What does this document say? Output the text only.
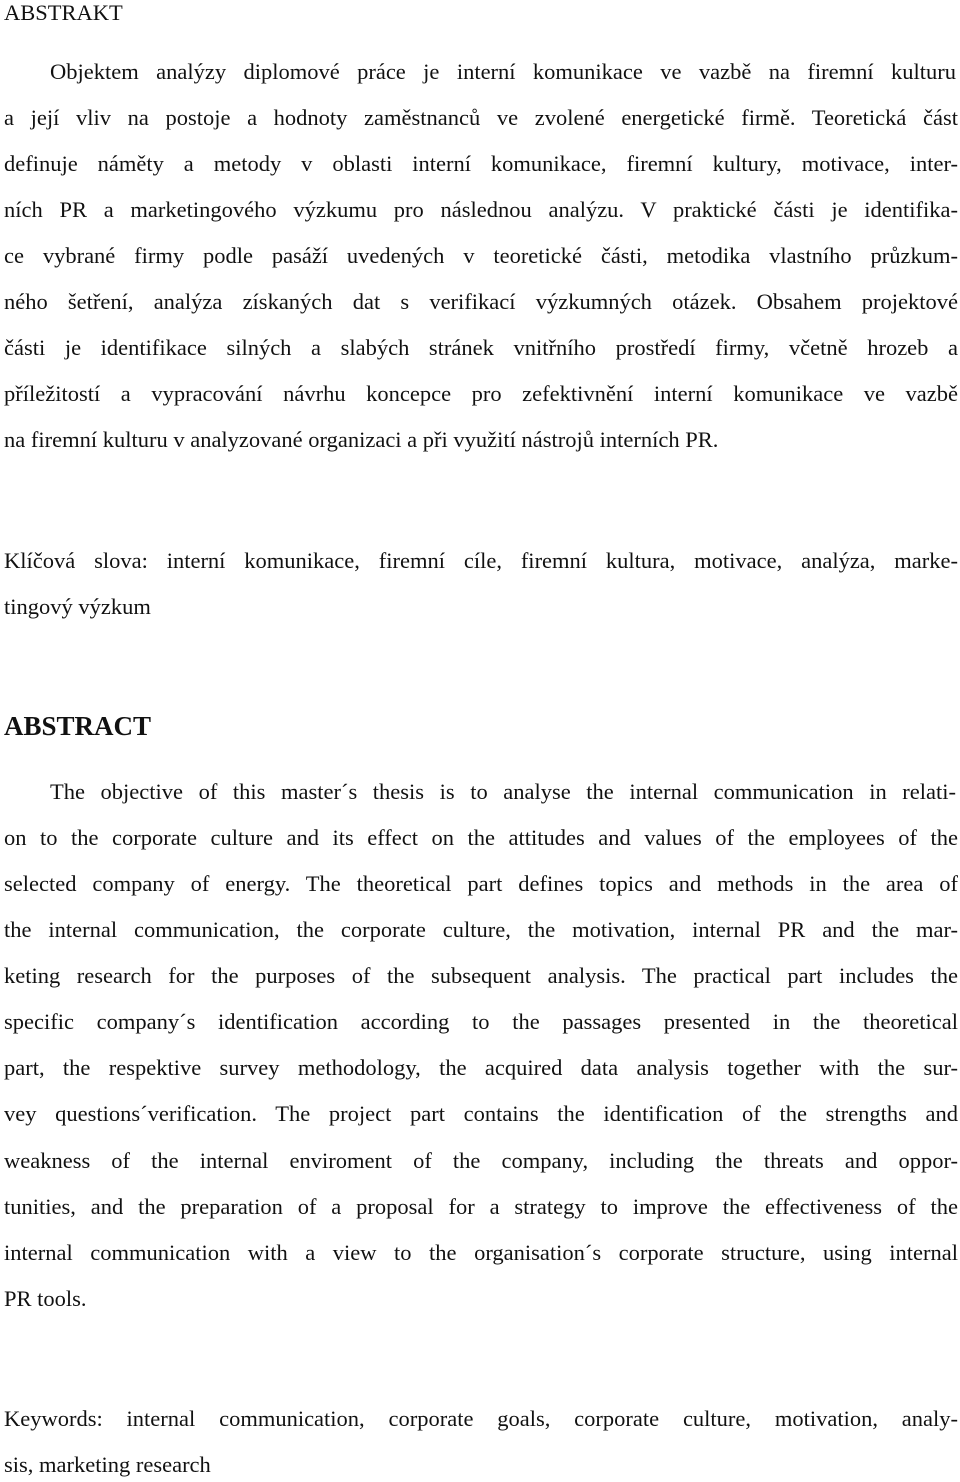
ABSTRAKT

Objektem analýzy diplomové práce je interní komunikace ve vazbě na firemní kulturu

a její vliv na postoje a hodnoty zaměstnanců ve zvolené energetické firmě. Teoretická část

definuje náměty a metody v oblasti interní komunikace, firemní kultury, motivace, inter-

ních PR a marketingového výzkumu pro následnou analýzu. V praktické části je identifika-

ce vybrané firmy podle pasáží uvedených v teoretické části, metodika vlastního průzkum-

ného šetření, analýza získaných dat s verifikací výzkumných otázek. Obsahem projektové

části je identifikace silných a slabých stránek vnitřního prostředí firmy, včetně hrozeb a

příležitostí a vypracování návrhu koncepce pro zefektivnění interní komunikace ve vazbě

na firemní kulturu v analyzované organizaci a při využití nástrojů interních PR.

Klíčová slova: interní komunikace, firemní cíle, firemní kultura, motivace, analýza, marke-

tingový výzkum

ABSTRACT

The objective of this master´s thesis is to analyse the internal communication in relati-

on to the corporate culture and its effect on the attitudes and values of the employees of the

selected company of energy. The theoretical part defines topics and methods in the area of

the internal communication, the corporate culture, the motivation, internal PR and the mar-

keting research for the purposes of the subsequent analysis. The practical part includes the

specific company´s identification according to the passages presented in the theoretical

part, the respektive survey methodology, the acquired data analysis together with the sur-

vey questions´verification. The project part contains the identification of the strengths and

weakness of the internal enviroment of the company, including the threats and oppor-

tunities, and the preparation of a proposal for a strategy to improve the effectiveness of the

internal communication with a view to the organisation´s corporate structure, using internal

PR tools.

Keywords: internal communication, corporate goals, corporate culture, motivation, analy-

sis, marketing research
